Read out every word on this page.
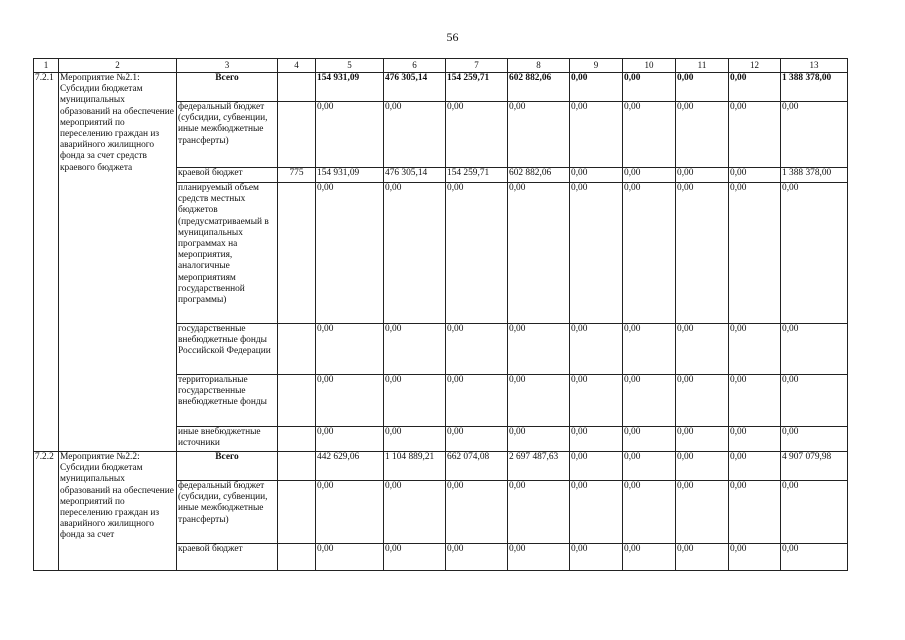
56
1	2	3	4	5	6	7	8	9	10	11	12	13
7.2.1	Мероприятие №2.1: Субсидии бюджетам муниципальных образований на обеспечение мероприятий по переселению граждан из аварийного жилищного фонда за счет средств краевого бюджета	Всего		154 931,09	476 305,14	154 259,71	602 882,06	0,00	0,00	0,00	0,00	1 388 378,00
		федеральный бюджет (субсидии, субвенции, иные межбюджетные трансферты)		0,00	0,00	0,00	0,00	0,00	0,00	0,00	0,00	0,00
		краевой бюджет	775	154 931,09	476 305,14	154 259,71	602 882,06	0,00	0,00	0,00	0,00	1 388 378,00
		планируемый объем средств местных бюджетов (предусматриваемый в муниципальных программах на мероприятия, аналогичные мероприятиям государственной программы)		0,00	0,00	0,00	0,00	0,00	0,00	0,00	0,00	0,00
		государственные внебюджетные фонды Российской Федерации		0,00	0,00	0,00	0,00	0,00	0,00	0,00	0,00	0,00
		территориальные государственные внебюджетные фонды		0,00	0,00	0,00	0,00	0,00	0,00	0,00	0,00	0,00
		иные внебюджетные источники		0,00	0,00	0,00	0,00	0,00	0,00	0,00	0,00	0,00
7.2.2	Мероприятие №2.2: Субсидии бюджетам муниципальных образований на обеспечение мероприятий по переселению граждан из аварийного жилищного фонда за счет	Всего		442 629,06	1 104 889,21	662 074,08	2 697 487,63	0,00	0,00	0,00	0,00	4 907 079,98
		федеральный бюджет (субсидии, субвенции, иные межбюджетные трансферты)		0,00	0,00	0,00	0,00	0,00	0,00	0,00	0,00	0,00
		краевой бюджет		0,00	0,00	0,00	0,00	0,00	0,00	0,00	0,00	0,00
